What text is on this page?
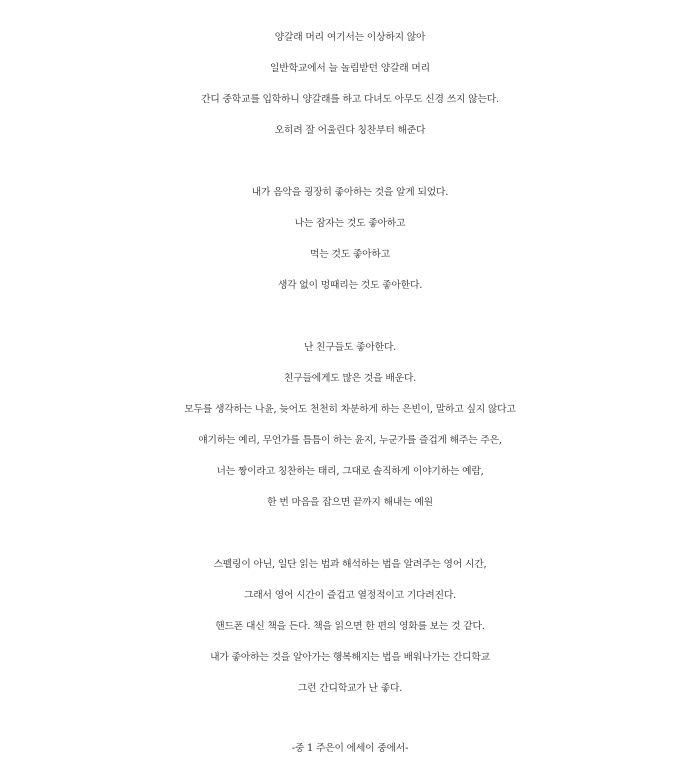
양갈래 머리 여기서는 이상하지 않아
일반학교에서 늘 놀림받던 양갈래 머리
간디 중학교를 입학하니 양갈래를 하고 다녀도 아무도 신경 쓰지 않는다.
오히려 잘 어울린다 칭찬부터 해준다

내가 음악을 굉장히 좋아하는 것을 알게 되었다.
나는 잠자는 것도 좋아하고
먹는 것도 좋아하고
생각 없이 멍때리는 것도 좋아한다.

난 친구들도 좋아한다.
친구들에게도 많은 것을 배운다.
모두를 생각하는 나윤, 늦어도 천천히 차분하게 하는 은빈이, 말하고 싶지 않다고
얘기하는 예리, 무언가를 틈틈이 하는 윤지, 누군가를 즐겁게 해주는 주은,
너는 짱이라고 칭찬하는 태리, 그대로 솔직하게 이야기하는 예람,
한 번 마음을 잡으면 끝까지 해내는 예원

스펠링이 아닌, 일단 읽는 법과 해석하는 법을 알려주는 영어 시간,
그래서 영어 시간이 즐겁고 열정적이고 기다려진다.
핸드폰 대신 책을 든다. 책을 읽으면 한 편의 영화를 보는 것 같다.
내가 좋아하는 것을 알아가는 행복해지는 법을 배워나가는 간디학교
그런 간디학교가 난 좋다.

-중 1 주은이 에세이 중에서-
